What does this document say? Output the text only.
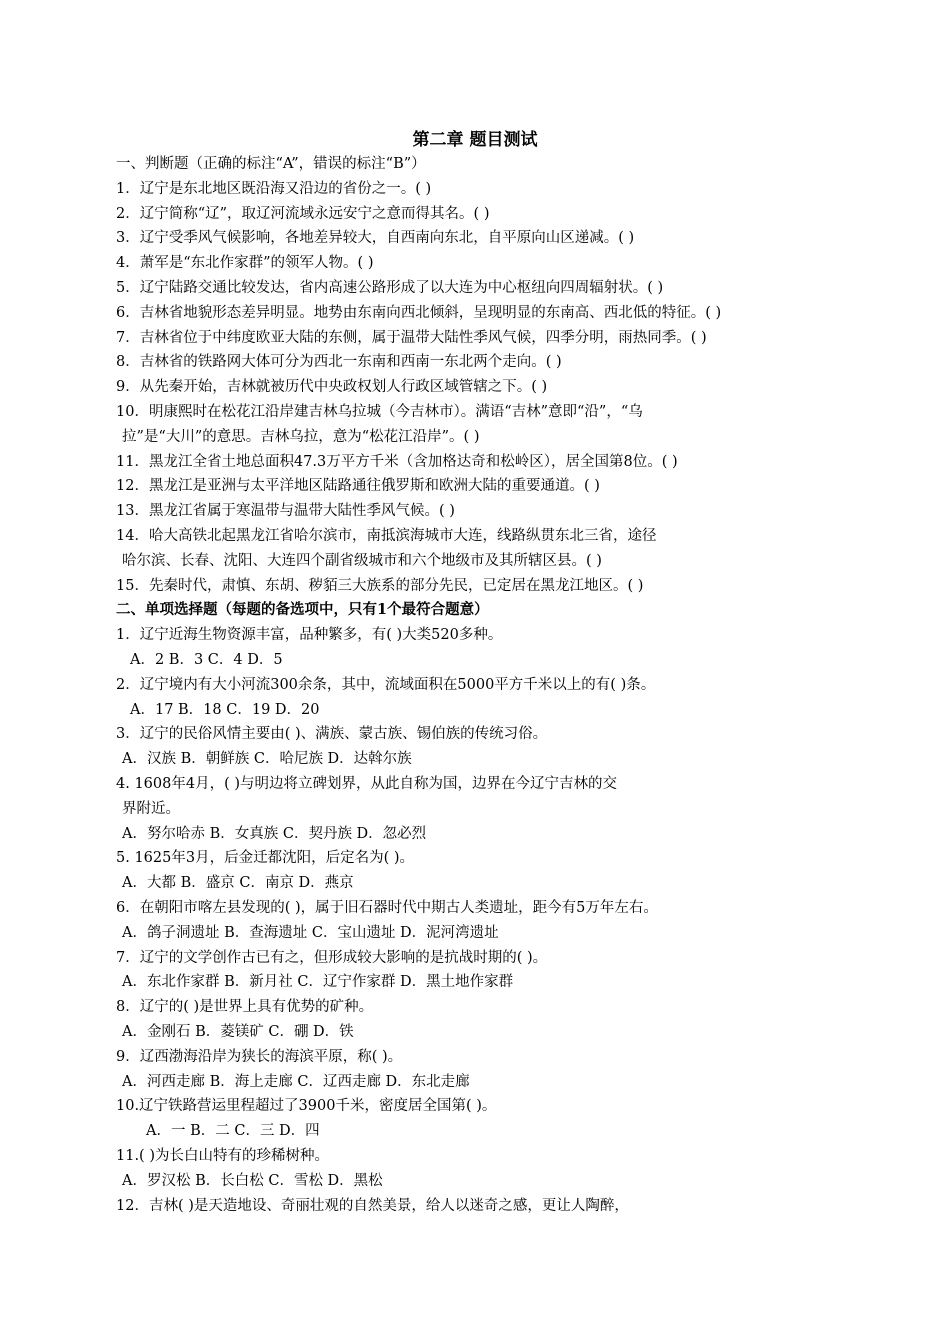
第二章 题目测试
一、判断题（正确的标注“A”，错误的标注“B”）
1．辽宁是东北地区既沿海又沿边的省份之一。( )
2．辽宁简称“辽”，取辽河流域永远安宁之意而得其名。( )
3．辽宁受季风气候影响，各地差异较大，自西南向东北，自平原向山区递减。( )
4．萧军是“东北作家群”的领军人物。( )
5．辽宁陆路交通比较发达，省内高速公路形成了以大连为中心枢纽向四周辐射状。( )
6．吉林省地貌形态差异明显。地势由东南向西北倾斜，呈现明显的东南高、西北低的特征。( )
7．吉林省位于中纬度欧亚大陆的东侧，属于温带大陆性季风气候，四季分明，雨热同季。( )
8．吉林省的铁路网大体可分为西北一东南和西南一东北两个走向。( )
9．从先秦开始，吉林就被历代中央政权划人行政区域管辖之下。( )
10．明康熙时在松花江沿岸建吉林乌拉城（今吉林市）。满语“吉林”意即“沿”，“乌
拉”是“大川”的意思。吉林乌拉，意为“松花江沿岸”。( )
11．黑龙江全省土地总面积47.3万平方千米（含加格达奇和松岭区），居全国第8位。( )
12．黑龙江是亚洲与太平洋地区陆路通往俄罗斯和欧洲大陆的重要通道。( )
13．黑龙江省属于寒温带与温带大陆性季风气候。( )
14．哈大高铁北起黑龙江省哈尔滨市，南抵滨海城市大连，线路纵贯东北三省，途径
哈尔滨、长春、沈阳、大连四个副省级城市和六个地级市及其所辖区县。( )
15．先秦时代，肃慎、东胡、秽貊三大族系的部分先民，已定居在黑龙江地区。( )
二、单项选择题（每题的备选项中，只有1个最符合题意）
1．辽宁近海生物资源丰富，品种繁多，有( )大类520多种。
A．2 B．3 C．4 D．5
2．辽宁境内有大小河流300余条，其中，流域面积在5000平方千米以上的有( )条。
A．17 B．18 C．19 D．20
3．辽宁的民俗风情主要由( )、满族、蒙古族、锡伯族的传统习俗。
A．汉族 B．朝鲜族 C．哈尼族 D．达斡尔族
4. 1608年4月，( )与明边将立碑划界，从此自称为国，边界在今辽宁吉林的交
界附近。
A．努尔哈赤 B．女真族 C．契丹族 D．忽必烈
5. 1625年3月，后金迁都沈阳，后定名为( )。
A．大都 B．盛京 C．南京 D．燕京
6．在朝阳市喀左县发现的( )，属于旧石器时代中期古人类遗址，距今有5万年左右。
A．鸽子洞遗址 B．查海遗址 C．宝山遗址 D．泥河湾遗址
7．辽宁的文学创作古已有之，但形成较大影响的是抗战时期的( )。
A．东北作家群 B．新月社 C．辽宁作家群 D．黑土地作家群
8．辽宁的( )是世界上具有优势的矿种。
A．金刚石 B．菱镁矿 C．硼 D．铁
9．辽西渤海沿岸为狭长的海滨平原，称( )。
A．河西走廊 B．海上走廊 C．辽西走廊 D．东北走廊
10.辽宁铁路营运里程超过了3900千米，密度居全国第( )。
A．一 B．二 C．三 D．四
11.( )为长白山特有的珍稀树种。
A．罗汉松 B．长白松 C．雪松 D．黑松
12．吉林( )是天造地设、奇丽壮观的自然美景，给人以迷奇之感，更让人陶醉，
